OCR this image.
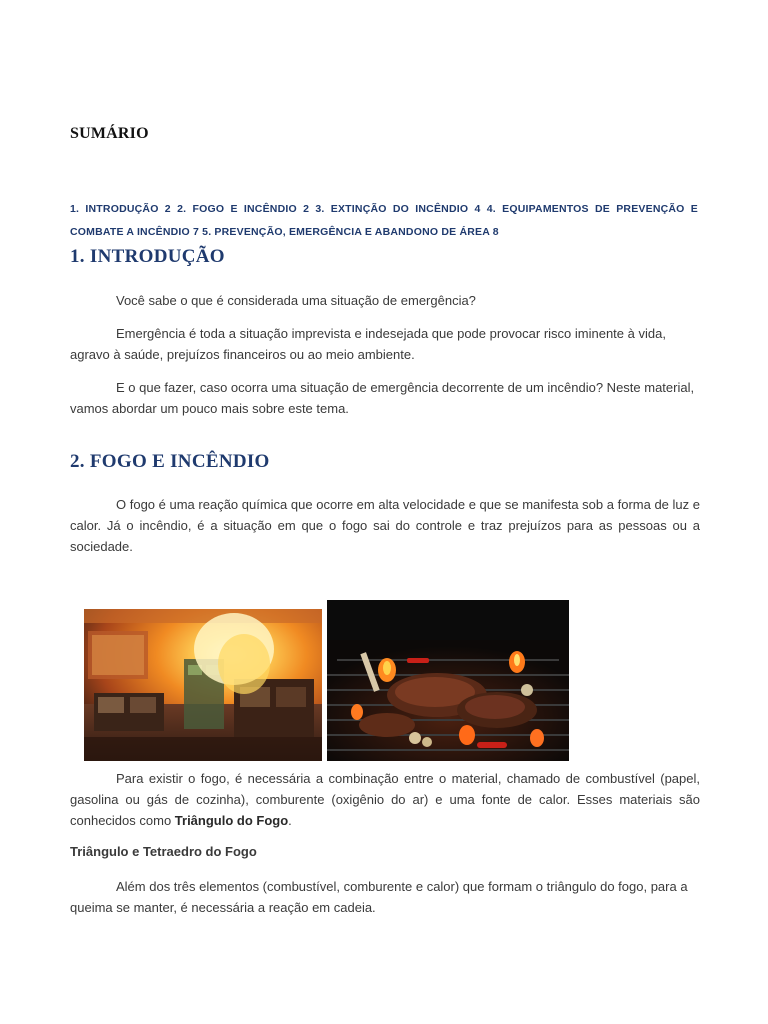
SUMÁRIO
1. INTRODUÇÃO 2 2. FOGO E INCÊNDIO 2 3. EXTINÇÃO DO INCÊNDIO 4 4. EQUIPAMENTOS DE PREVENÇÃO E COMBATE A INCÊNDIO 7 5. PREVENÇÃO, EMERGÊNCIA E ABANDONO DE ÁREA 8
1. INTRODUÇÃO

Você sabe o que é considerada uma situação de emergência?

Emergência é toda a situação imprevista e indesejada que pode provocar risco iminente à vida, agravo à saúde, prejuízos financeiros ou ao meio ambiente.

E o que fazer, caso ocorra uma situação de emergência decorrente de um incêndio? Neste material, vamos abordar um pouco mais sobre este tema.

2. FOGO E INCÊNDIO

O fogo é uma reação química que ocorre em alta velocidade e que se manifesta sob a forma de luz e calor. Já o incêndio, é a situação em que o fogo sai do controle e traz prejuízos para as pessoas ou a sociedade.

Para existir o fogo, é necessária a combinação entre o material, chamado de combustível (papel, gasolina ou gás de cozinha), comburente (oxigênio do ar) e uma fonte de calor. Esses materiais são conhecidos como Triângulo do Fogo.

Triângulo e Tetraedro do Fogo

Além dos três elementos (combustível, comburente e calor) que formam o triângulo do fogo, para a queima se manter, é necessária a reação em cadeia.
